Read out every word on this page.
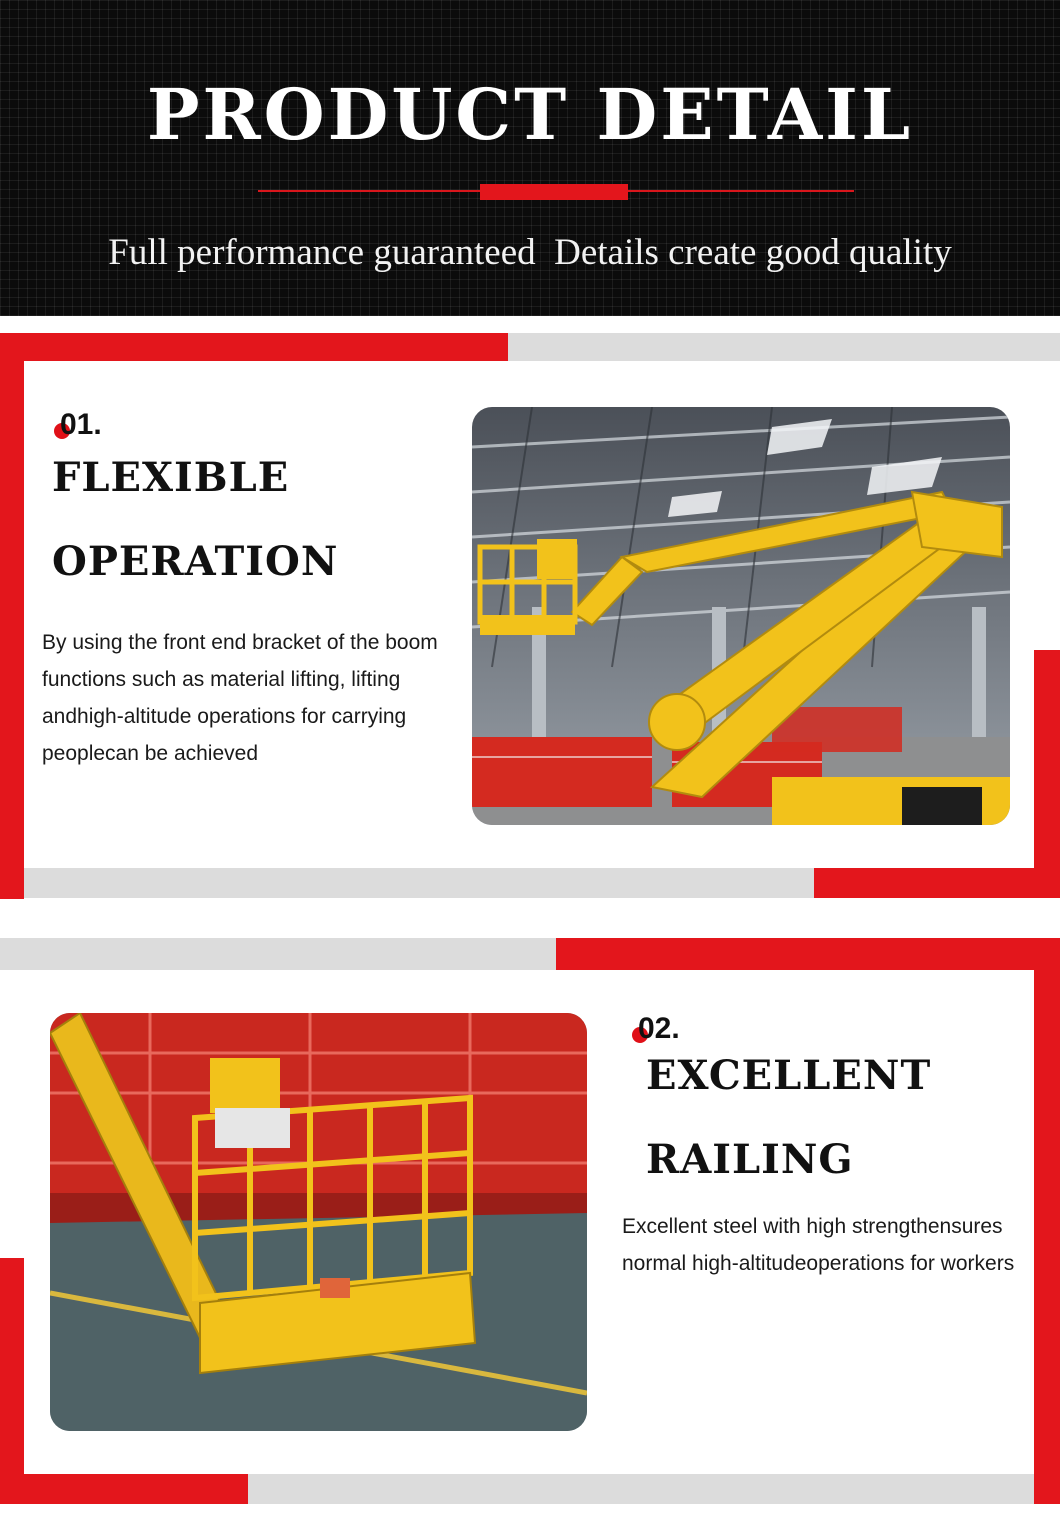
PRODUCT DETAIL
Full performance guaranteed  Details create good quality
01.
FLEXIBLE
OPERATION
By using the front end bracket of the boom functions such as material lifting, lifting andhigh-altitude operations for carrying peoplecan be achieved
02.
EXCELLENT
RAILING
Excellent steel with high strengthensures normal high-altitudeoperations for workers
